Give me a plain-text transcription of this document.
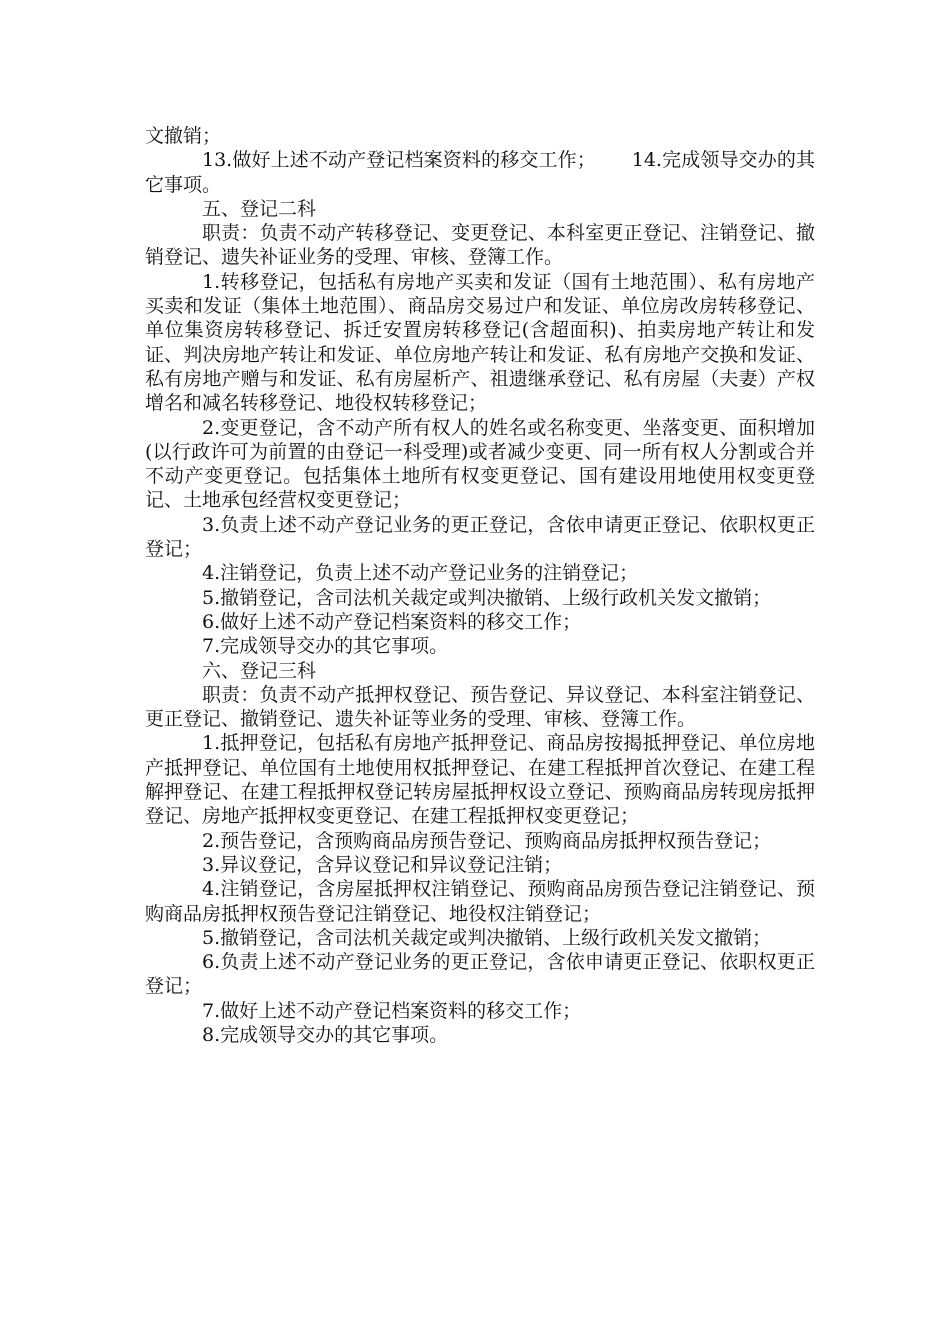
文撤销；

13.做好上述不动产登记档案资料的移交工作； 14.完成领导交办的其它事项。

五、登记二科

职责：负责不动产转移登记、变更登记、本科室更正登记、注销登记、撤销登记、遗失补证业务的受理、审核、登簿工作。

1.转移登记，包括私有房地产买卖和发证（国有土地范围）、私有房地产买卖和发证（集体土地范围）、商品房交易过户和发证、单位房改房转移登记、单位集资房转移登记、拆迁安置房转移登记(含超面积)、拍卖房地产转让和发证、判决房地产转让和发证、单位房地产转让和发证、私有房地产交换和发证、私有房地产赠与和发证、私有房屋析产、祖遗继承登记、私有房屋（夫妻）产权增名和减名转移登记、地役权转移登记；

2.变更登记，含不动产所有权人的姓名或名称变更、坐落变更、面积增加(以行政许可为前置的由登记一科受理)或者减少变更、同一所有权人分割或合并不动产变更登记。包括集体土地所有权变更登记、国有建设用地使用权变更登记、土地承包经营权变更登记；

3.负责上述不动产登记业务的更正登记，含依申请更正登记、依职权更正登记；

4.注销登记，负责上述不动产登记业务的注销登记；

5.撤销登记，含司法机关裁定或判决撤销、上级行政机关发文撤销；

6.做好上述不动产登记档案资料的移交工作；

7.完成领导交办的其它事项。

六、登记三科

职责：负责不动产抵押权登记、预告登记、异议登记、本科室注销登记、更正登记、撤销登记、遗失补证等业务的受理、审核、登簿工作。

1.抵押登记，包括私有房地产抵押登记、商品房按揭抵押登记、单位房地产抵押登记、单位国有土地使用权抵押登记、在建工程抵押首次登记、在建工程解押登记、在建工程抵押权登记转房屋抵押权设立登记、预购商品房转现房抵押登记、房地产抵押权变更登记、在建工程抵押权变更登记；

2.预告登记，含预购商品房预告登记、预购商品房抵押权预告登记；

3.异议登记，含异议登记和异议登记注销；

4.注销登记，含房屋抵押权注销登记、预购商品房预告登记注销登记、预购商品房抵押权预告登记注销登记、地役权注销登记；

5.撤销登记，含司法机关裁定或判决撤销、上级行政机关发文撤销；

6.负责上述不动产登记业务的更正登记，含依申请更正登记、依职权更正登记；

7.做好上述不动产登记档案资料的移交工作；

8.完成领导交办的其它事项。
